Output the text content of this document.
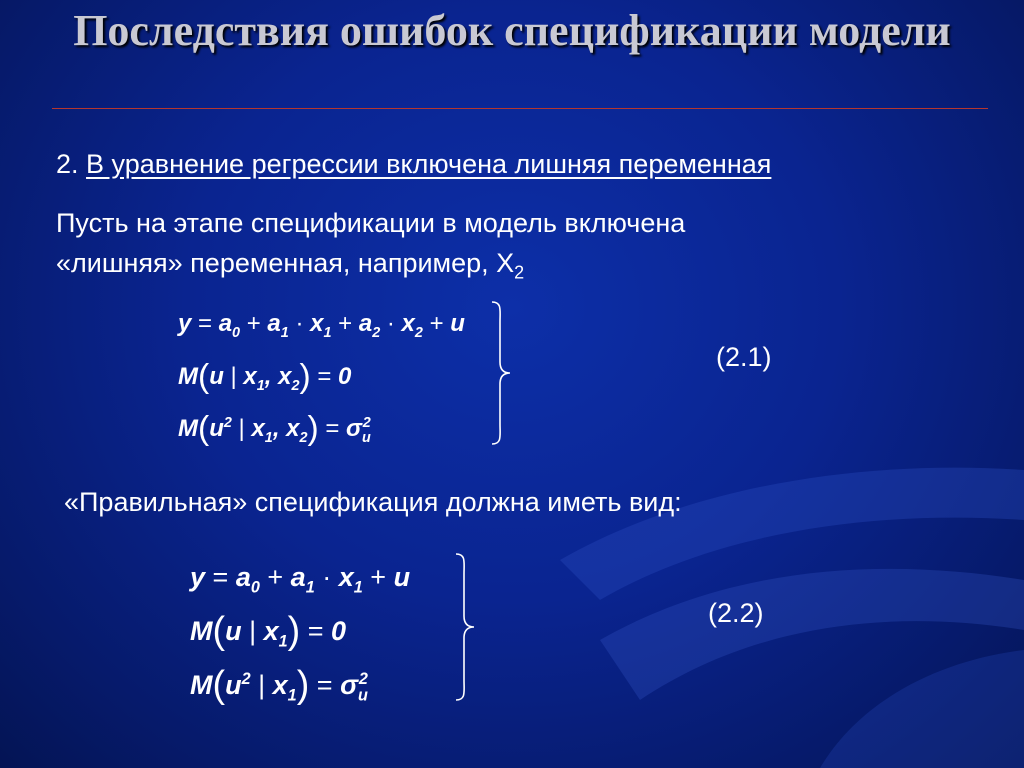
Последствия ошибок спецификации модели
2. В уравнение регрессии включена лишняя переменная
Пусть на этапе спецификации в модель включена
«лишняя» переменная, например, $Х_2$
$y = a_0 + a_1 \cdot x_1 + a_2 \cdot x_2 + u$
M(u | $x_1$, $x_2) = 0$
$M(u^2$ | $x_1$, $x_2) = \sigma_u^2$
(2.1)
«Правильная» спецификация должна иметь вид:
$y = a_0 + a_1 \cdot x_1 + u$
M(u | $x_1) = 0$
$M(u^2$ | $x_1) = \sigma_u^2$
(2.2)
